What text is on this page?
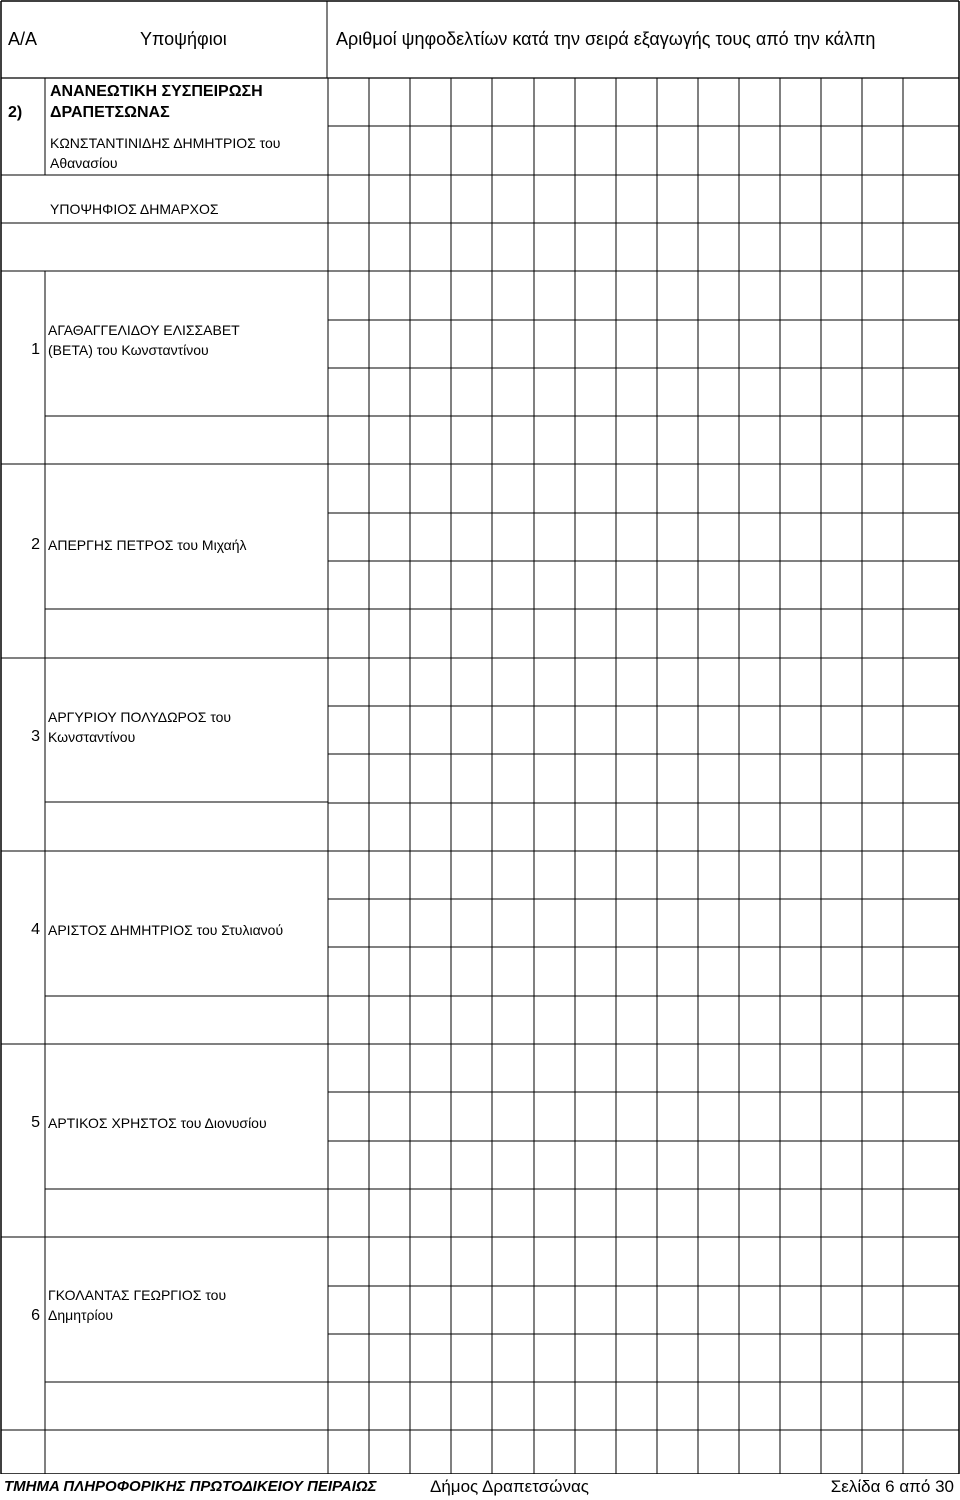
Α/Α	Υποψήφιοι	Αριθμοί ψηφοδελτίων κατά την σειρά εξαγωγής τους από την κάλπη
2)
ΑΝΑΝΕΩΤΙΚΗ ΣΥΣΠΕΙΡΩΣΗ
ΔΡΑΠΕΤΣΩΝΑΣ
ΚΩΝΣΤΑΝΤΙΝΙΔΗΣ ΔΗΜΗΤΡΙΟΣ του
Αθανασίου
ΥΠΟΨΗΦΙΟΣ ΔΗΜΑΡΧΟΣ
1
ΑΓΑΘΑΓΓΕΛΙΔΟΥ ΕΛΙΣΣΑΒΕΤ
(ΒΕΤΑ) του Κωνσταντίνου
2 ΑΠΕΡΓΗΣ ΠΕΤΡΟΣ του Μιχαήλ
3
ΑΡΓΥΡΙΟΥ ΠΟΛΥΔΩΡΟΣ του
Κωνσταντίνου
4 ΑΡΙΣΤΟΣ ΔΗΜΗΤΡΙΟΣ του Στυλιανού
5 ΑΡΤΙΚΟΣ ΧΡΗΣΤΟΣ του Διονυσίου
6
ΓΚΟΛΑΝΤΑΣ ΓΕΩΡΓΙΟΣ του
Δημητρίου
ΤΜΗΜΑ ΠΛΗΡΟΦΟΡΙΚΗΣ ΠΡΩΤΟΔΙΚΕΙΟΥ ΠΕΙΡΑΙΩΣ	Δήμος Δραπετσώνας	Σελίδα 6 από 30
